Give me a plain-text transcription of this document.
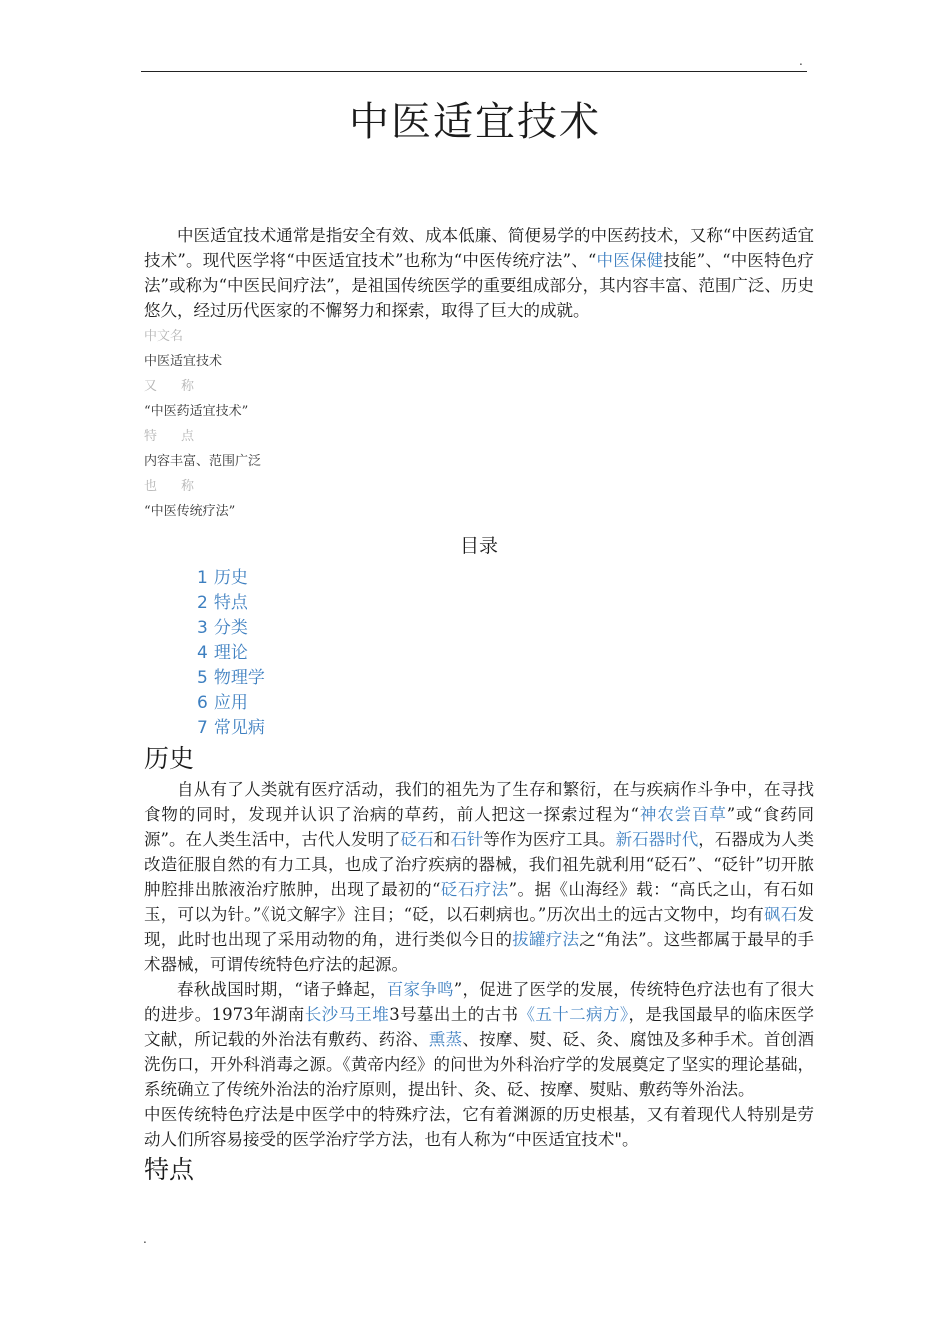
.
中医适宜技术

中医适宜技术通常是指安全有效、成本低廉、简便易学的中医药技术，又称“中医药适宜技术”。现代医学将“中医适宜技术”也称为“中医传统疗法”、“中医保健技能”、“中医特色疗法”或称为“中医民间疗法”，是祖国传统医学的重要组成部分，其内容丰富、范围广泛、历史悠久，经过历代医家的不懈努力和探索，取得了巨大的成就。

中文名
中医适宜技术
又 称
“中医药适宜技术”
特 点
内容丰富、范围广泛
也 称
“中医传统疗法”
目录
1 历史
2 特点
3 分类
4 理论
5 物理学
6 应用
7 常见病
历史

自从有了人类就有医疗活动，我们的祖先为了生存和繁衍，在与疾病作斗争中，在寻找食物的同时，发现并认识了治病的草药，前人把这一探索过程为“神农尝百草”或“食药同源”。在人类生活中，古代人发明了砭石和石针等作为医疗工具。新石器时代，石器成为人类改造征服自然的有力工具，也成了治疗疾病的器械，我们祖先就利用“砭石”、“砭针”切开脓肿腔排出脓液治疗脓肿，出现了最初的“砭石疗法”。据《山海经》载：“高氏之山，有石如玉，可以为针。”《说文解字》注目；“砭，以石刺病也。”历次出土的远古文物中，均有砜石发现，此时也出现了采用动物的角，进行类似今日的拔罐疗法之“角法”。这些都属于最早的手术器械，可谓传统特色疗法的起源。

春秋战国时期，“诸子蜂起，百家争鸣”，促进了医学的发展，传统特色疗法也有了很大的进步。1973年湖南长沙马王堆3号墓出土的古书《五十二病方》，是我国最早的临床医学文献，所记载的外治法有敷药、药浴、熏蒸、按摩、熨、砭、灸、腐蚀及多种手术。首创酒洗伤口，开外科消毒之源。《黄帝内经》的问世为外科治疗学的发展奠定了坚实的理论基础，系统确立了传统外治法的治疗原则，提出针、灸、砭、按摩、熨贴、敷药等外治法。

中医传统特色疗法是中医学中的特殊疗法，它有着渊源的历史根基，又有着现代人特别是劳动人们所容易接受的医学治疗学方法，也有人称为“中医适宜技术"。

特点
.
